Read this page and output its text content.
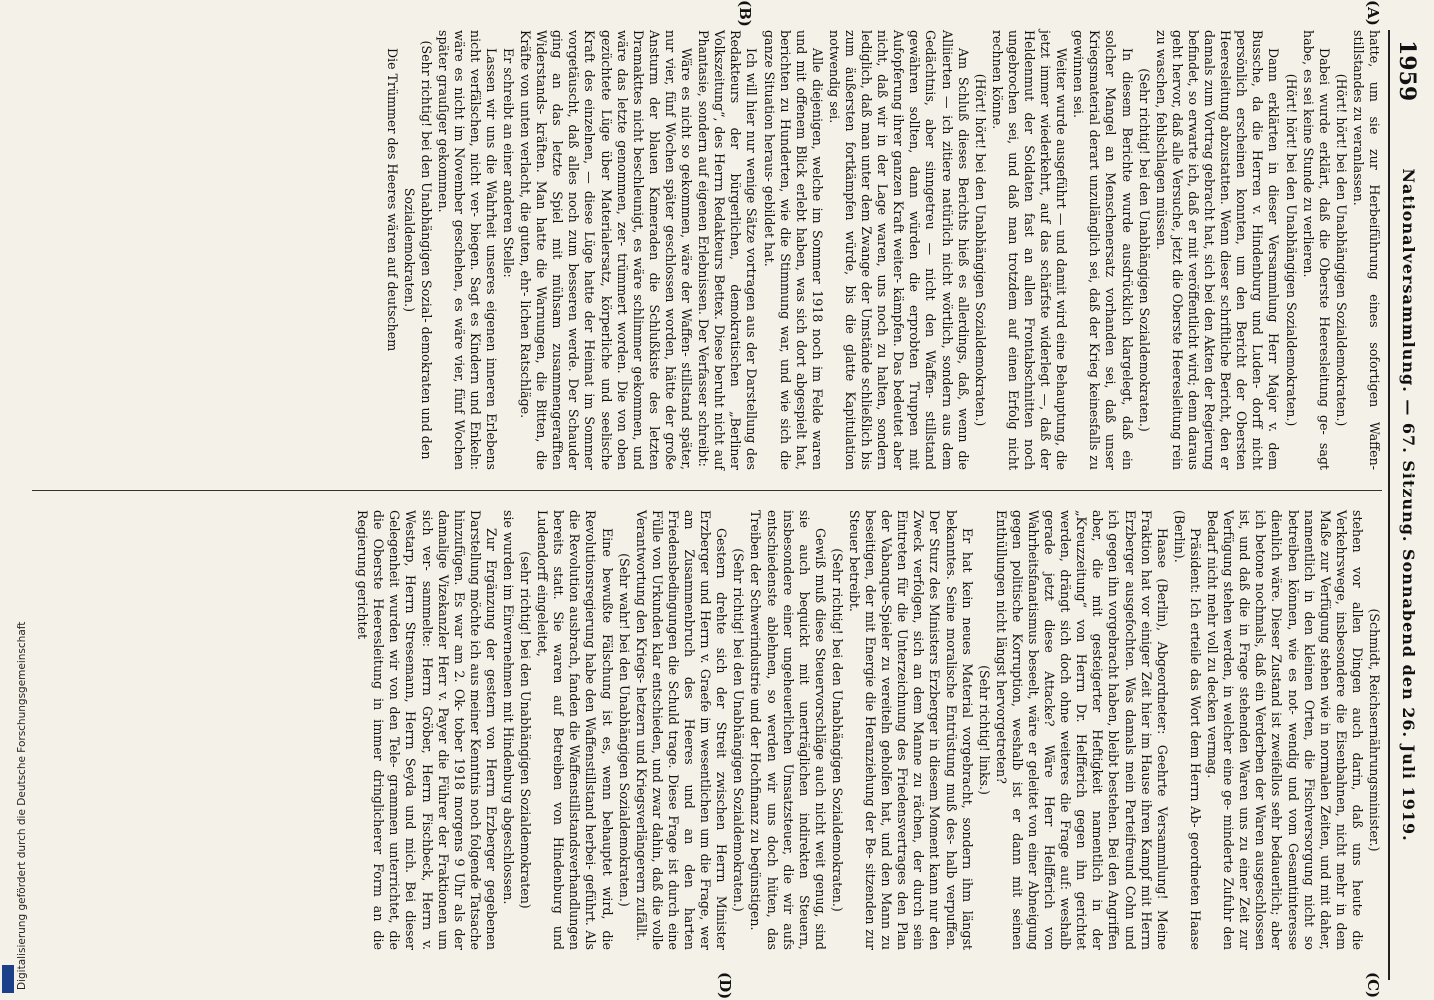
1959
Nationalversammlung. — 67. Sitzung. Sonnabend den 26. Juli 1919.
(C)
(D)
(A)
(B)

hatte, um sie zur Herbeiführung eines sofortigen Waffen- stillstandes zu veranlassen.

(Hört! hört! bei den Unabhängigen Sozialdemokraten.)

Dabei wurde erklärt, daß die Oberste Heeresleitung ge- sagt habe, es sei keine Stunde zu verlieren.

(Hört! hört! bei den Unabhängigen Sozialdemokraten.)

Dann erklärten in dieser Versammlung Herr Major v. dem Bussche, da die Herren v. Hindenburg und Luden- dorff nicht persönlich erscheinen konnten, um den Bericht der Obersten Heeresleitung abzustatten. Wenn dieser schriftliche Bericht, den er damals zum Vortrag gebracht hat, sich bei den Akten der Regierung befindet, so erwarte ich, daß er mit veröffentlicht wird; denn daraus geht hervor, daß alle Versuche, jetzt die Oberste Heeresleitung rein zu waschen, fehlschlagen müssen.

(Sehr richtig! bei den Unabhängigen Sozialdemokraten.)

In diesem Berichte wurde ausdrücklich klargelegt, daß ein solcher Mangel an Menschenersatz vorhanden sei, daß unser Kriegsmaterial derart unzulänglich sei, daß der Krieg keinesfalls zu gewinnen sei.

Weiter wurde ausgeführt — und damit wird eine Behauptung, die jetzt immer wiederkehrt, auf das schärfste widerlegt —, daß der Heldenmut der Soldaten fast an allen Frontabschnitten noch ungebrochen sei, und daß man trotzdem auf einen Erfolg nicht rechnen könne.

(Hört! hört! bei den Unabhängigen Sozialdemokraten.)

Am Schluß dieses Berichts hieß es allerdings, daß, wenn die Alliierten — ich zitiere natürlich nicht wörtlich, sondern aus dem Gedächtnis, aber sinngetreu — nicht den Waffen- stillstand gewähren sollten, dann würden die erprobten Truppen mit Aufopferung ihrer ganzen Kraft weiter- kämpfen. Das bedeutet aber nicht, daß wir in der Lage waren, uns noch zu halten, sondern lediglich, daß man unter dem Zwange der Umstände schließlich bis zum äußersten fortkämpfen würde, bis die glatte Kapitulation notwendig sei.

Alle diejenigen, welche im Sommer 1918 noch im Felde waren und mit offenem Blick erlebt haben, was sich dort abgespielt hat, berichten zu Hunderten, wie die Stimmung war, und wie sich die ganze Situation heraus- gebildet hat.

Ich will hier nur wenige Sätze vortragen aus der Darstellung des Redakteurs der bürgerlichen, demokratischen „Berliner Volkszeitung“, des Herrn Redakteurs Bettex. Diese beruht nicht auf Phantasie, sondern auf eigenen Erlebnissen. Der Verfasser schreibt:

Wäre es nicht so gekommen, wäre der Waffen- stillstand später, nur vier, fünf Wochen später geschlossen worden, hätte der große Ansturm der blauen Kameraden die Schlußkiste des letzten Dramakttes nicht beschleunigt, es wäre schlimmer gekommen, und wäre das letzte genommen, zer- trümmert worden. Die von oben gezüchtete Lüge über Materialersatz, körperliche und seelische Kraft des einzelnen, — diese Lüge hatte der Heimat im Sommer vorgetäuscht, daß alles noch zum besseren werde. Der Schauder ging an das letzte Spiel mit mühsam zusammengerafften Widerstands- kräften. Man hatte die Warnungen, die Bitten, die Kräfte von unten verlacht, die guten, ehr- lichen Ratschläge.

Er schreibt an einer anderen Stelle:

Lassen wir uns die Wahrheit unseres eigenen inneren Erlebens nicht verfälschen, nicht ver- biegen. Sagt es Kindern und Enkeln: wäre es nicht im November geschehen, es wäre vier, fünf Wochen später grauſiger gekommen.

(Sehr richtig! bei den Unabhängigen Sozial- demokraten und den Sozialdemokraten.)

Die Trümmer des Heeres wären auf deutschem

(Schmidt, Reichsernährungsminister.)

stehen vor allen Dingen auch darin, daß uns heute die Verkehrswege, insbesondere die Eisenbahnen, nicht mehr in dem Maße zur Verfügung stehen wie in normalen Zeiten, und mit daher, namentlich in den kleinen Orten, die Fischversorgung nicht so betreiben können, wie es not- wendig und vom Gesamtinteresse dienlich wäre. Dieser Zustand ist zweifellos sehr bedauerlich; aber ich betone nochmals, daß ein Verderben der Waren ausgeschlossen ist, und daß die in Frage stehenden Waren uns zu einer Zeit zur Verfügung stehen werden, in welcher eine ge- minderte Zufuhr den Bedarf nicht mehr voll zu decken vermag.

Präsident: Ich erteile das Wort dem Herrn Ab- geordneten Haase (Berlin).

Haase (Berlin), Abgeordneter: Geehrte Versammlung! Meine Fraktion hat vor einiger Zeit hier im Hause ihren Kampf mit Herrn Erzberger ausgefochten. Was damals mein Parteifreund Cohn und ich gegen ihn vorgebracht haben, bleibt bestehen. Bei den Angriffen aber, die mit gesteigerter Heftigkeit namentlich in der „Kreuzzeitung“ von Herrn Dr. Helfferich gegen ihn gerichtet werden, drängt sich doch ohne weiteres die Frage auf: weshalb gerade jetzt diese Attacke? Wäre Herr Helfferich von Wahrheitsfanatismus beseelt, wäre er geleitet von einer Abneigung gegen politische Korruption, weshalb ist er dann mit seinen Enthüllungen nicht längst hervorgetreten?

(Sehr richtig! links.)

Er hat kein neues Material vorgebracht, sondern ihm längst bekanntes. Seine moralische Entrüstung muß des- halb verpuffen. Der Sturz des Ministers Erzberger in diesem Moment kann nur den Zweck verfolgen, sich an dem Manne zu rächen, der durch sein Eintreten für die Unterzeichnung des Friedensvertrages den Plan der Vabanque-Spieler zu vereiteln geholfen hat, und den Mann zu beseitigen, der mit Energie die Heranziehung der Be- sitzenden zur Steuer betreibt.

(Sehr richtig! bei den Unabhängigen Sozialdemokraten.)

Gewiß muß diese Steuervorschläge auch nicht weit genug, sind sie auch bequickt mit unerträglichen indirekten Steuern, insbesondere einer ungeheuerlichen Umsatzsteuer, die wir aufs entschiedenste ablehnen, so werden wir uns doch hüten, das Treiben der Schwerindustrie und der Hochfinanz zu begünstigen.

(Sehr richtig! bei den Unabhängigen Sozialdemokraten.)

Gestern drehte sich der Streit zwischen Herrn Minister Erzberger und Herrn v. Graefe im wesentlichen um die Frage, wer am Zusammenbruch des Heeres und an den harten Friedensbedingungen die Schuld trage. Diese Frage ist durch eine Fülle von Urkunden klar entschieden, und zwar dahin, daß die volle Verantwortung den Kriegs- hetzern und Kriegsverlängerern zufällt.

(Sehr wahr! bei den Unabhängigen Sozialdemokraten.)

Eine bewußte Fälschung ist es, wenn behauptet wird, die Revolutionsregierung habe den Waffenstillstand herbei- geführt. Als die Revolution ausbrach, fanden die Waffenstillstandsverhandlungen bereits statt. Sie waren auf Betreiben von Hindenburg und Ludendorff eingeleitet,

(sehr richtig! bei den Unabhängigen Sozialdemokraten)

sie wurden im Einvernehmen mit Hindenburg abgeschlossen.

Zur Ergänzung der gestern von Herrn Erzberger gegebenen Darstellung möchte ich aus meiner Kenntnis noch folgende Tatsache hinzufügen. Es war am 2. Ok- tober 1918 morgens 9 Uhr als der damalige Vizekanzler Herr v. Payer die Führer der Fraktionen um sich ver- sammelte: Herrn Gröber, Herrn Fischbeck, Herrn v. Westarp, Herrn Stresemann, Herrn Seyda und mich. Bei dieser Gelegenheit wurden wir von den Tele- grammen unterrichtet, die die Oberste Heeresleitung in immer dringlicherer Form an die Regierung gerichtet

Digitalisierung gefördert durch die Deutsche Forschungsgemeinschaft
